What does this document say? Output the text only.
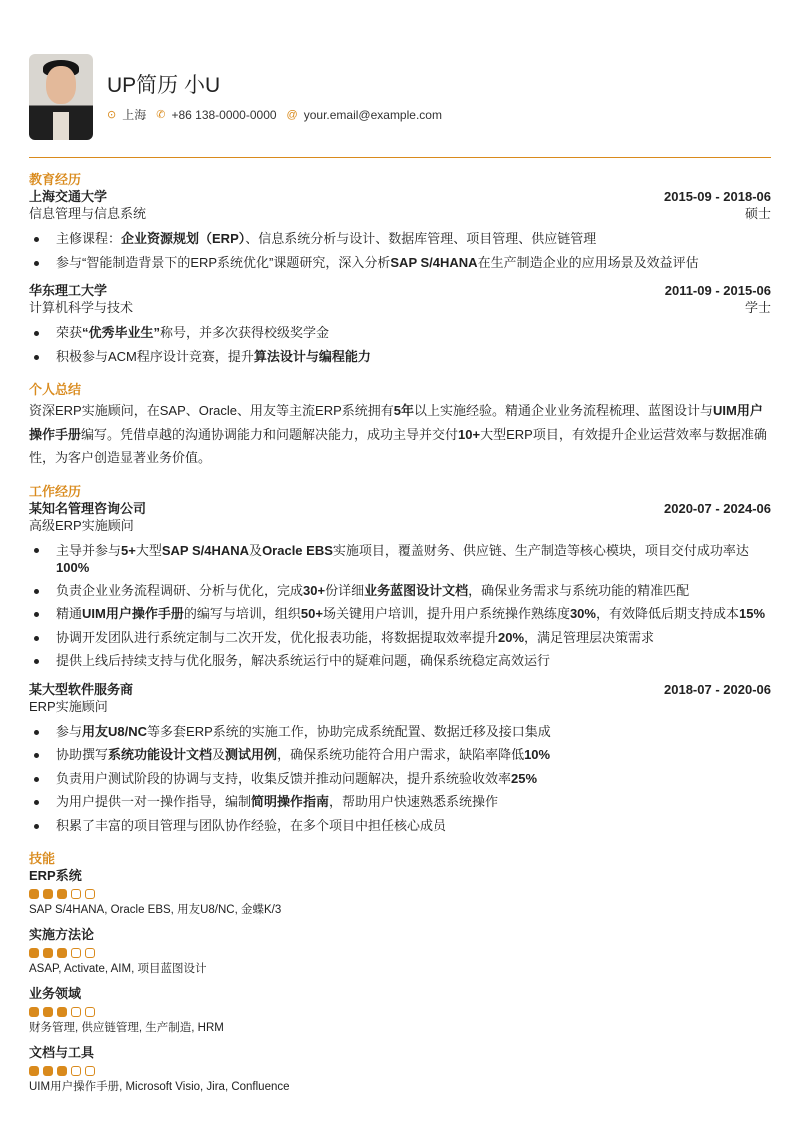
UP简历 小U
⊙ 上海 ✆ +86 138-0000-0000 @ your.email@example.com
教育经历
上海交通大学	2015-09 - 2018-06
信息管理与信息系统	硕士
主修课程：企业资源规划（ERP）、信息系统分析与设计、数据库管理、项目管理、供应链管理
参与“智能制造背景下的ERP系统优化”课题研究，深入分析SAP S/4HANA在生产制造企业的应用场景及效益评估
华东理工大学	2011-09 - 2015-06
计算机科学与技术	学士
荣获“优秀毕业生”称号，并多次获得校级奖学金
积极参与ACM程序设计竞赛，提升算法设计与编程能力
个人总结
资深ERP实施顾问，在SAP、Oracle、用友等主流ERP系统拥有5年以上实施经验。精通企业业务流程梳理、蓝图设计与UIM用户操作手册编写。凭借卓越的沟通协调能力和问题解决能力，成功主导并交付10+大型ERP项目，有效提升企业运营效率与数据准确性，为客户创造显著业务价值。
工作经历
某知名管理咨询公司	2020-07 - 2024-06
高级ERP实施顾问
主导并参与5+大型SAP S/4HANA及Oracle EBS实施项目，覆盖财务、供应链、生产制造等核心模块，项目交付成功率达100%
负责企业业务流程调研、分析与优化，完成30+份详细业务蓝图设计文档，确保业务需求与系统功能的精准匹配
精通UIM用户操作手册的编写与培训，组织50+场关键用户培训，提升用户系统操作熟练度30%，有效降低后期支持成本15%
协调开发团队进行系统定制与二次开发，优化报表功能，将数据提取效率提升20%，满足管理层决策需求
提供上线后持续支持与优化服务，解决系统运行中的疑难问题，确保系统稳定高效运行
某大型软件服务商	2018-07 - 2020-06
ERP实施顾问
参与用友U8/NC等多套ERP系统的实施工作，协助完成系统配置、数据迁移及接口集成
协助撰写系统功能设计文档及测试用例，确保系统功能符合用户需求，缺陷率降低10%
负责用户测试阶段的协调与支持，收集反馈并推动问题解决，提升系统验收效率25%
为用户提供一对一操作指导，编制简明操作指南，帮助用户快速熟悉系统操作
积累了丰富的项目管理与团队协作经验，在多个项目中担任核心成员
技能
ERP系统
SAP S/4HANA, Oracle EBS, 用友U8/NC, 金蝶K/3
实施方法论
ASAP, Activate, AIM, 项目蓝图设计
业务领域
财务管理, 供应链管理, 生产制造, HRM
文档与工具
UIM用户操作手册, Microsoft Visio, Jira, Confluence
